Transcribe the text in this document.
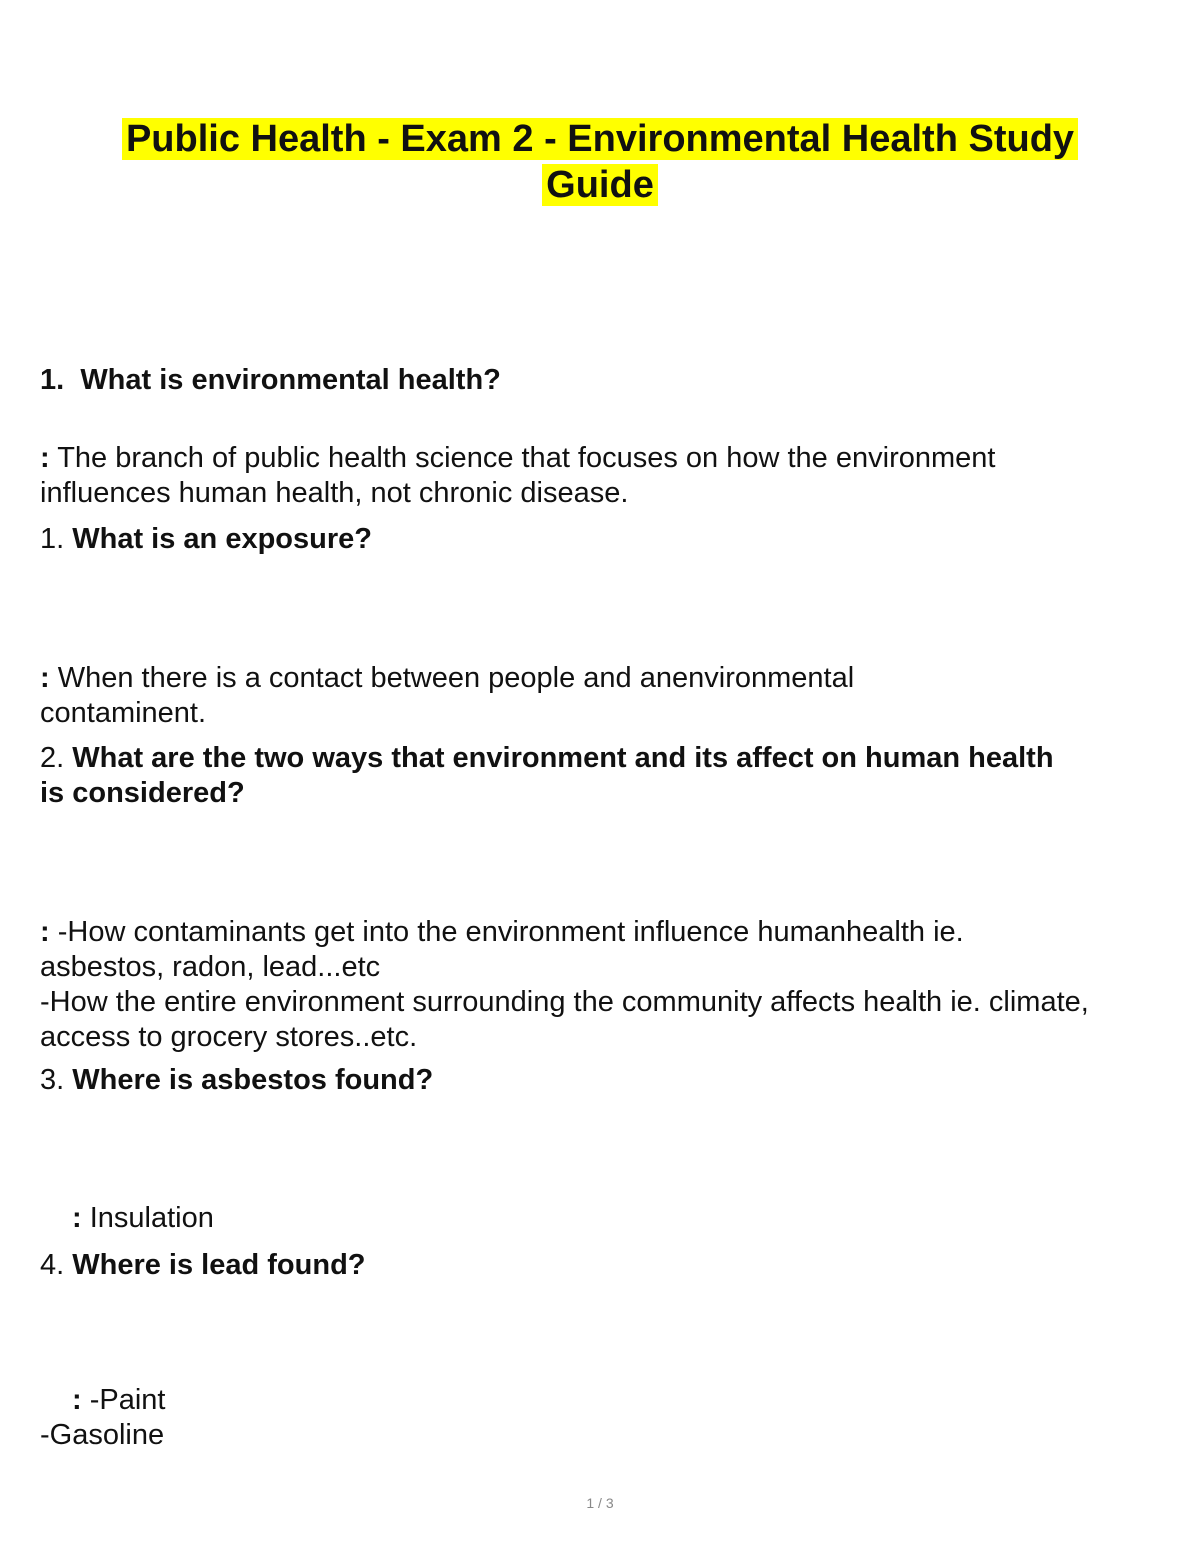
Public Health - Exam 2 - Environmental Health Study
Guide
1. What is environmental health?
: The branch of public health science that focuses on how the environment
influences human health, not chronic disease.
1. What is an exposure?
: When there is a contact between people and anenvironmental
contaminent.
2. What are the two ways that environment and its affect on human health
is considered?
: -How contaminants get into the environment influence humanhealth ie.
asbestos, radon, lead...etc
-How the entire environment surrounding the community affects health ie. climate,
access to grocery stores..etc.
3. Where is asbestos found?
: Insulation
4. Where is lead found?
: -Paint
-Gasoline
1 / 3
